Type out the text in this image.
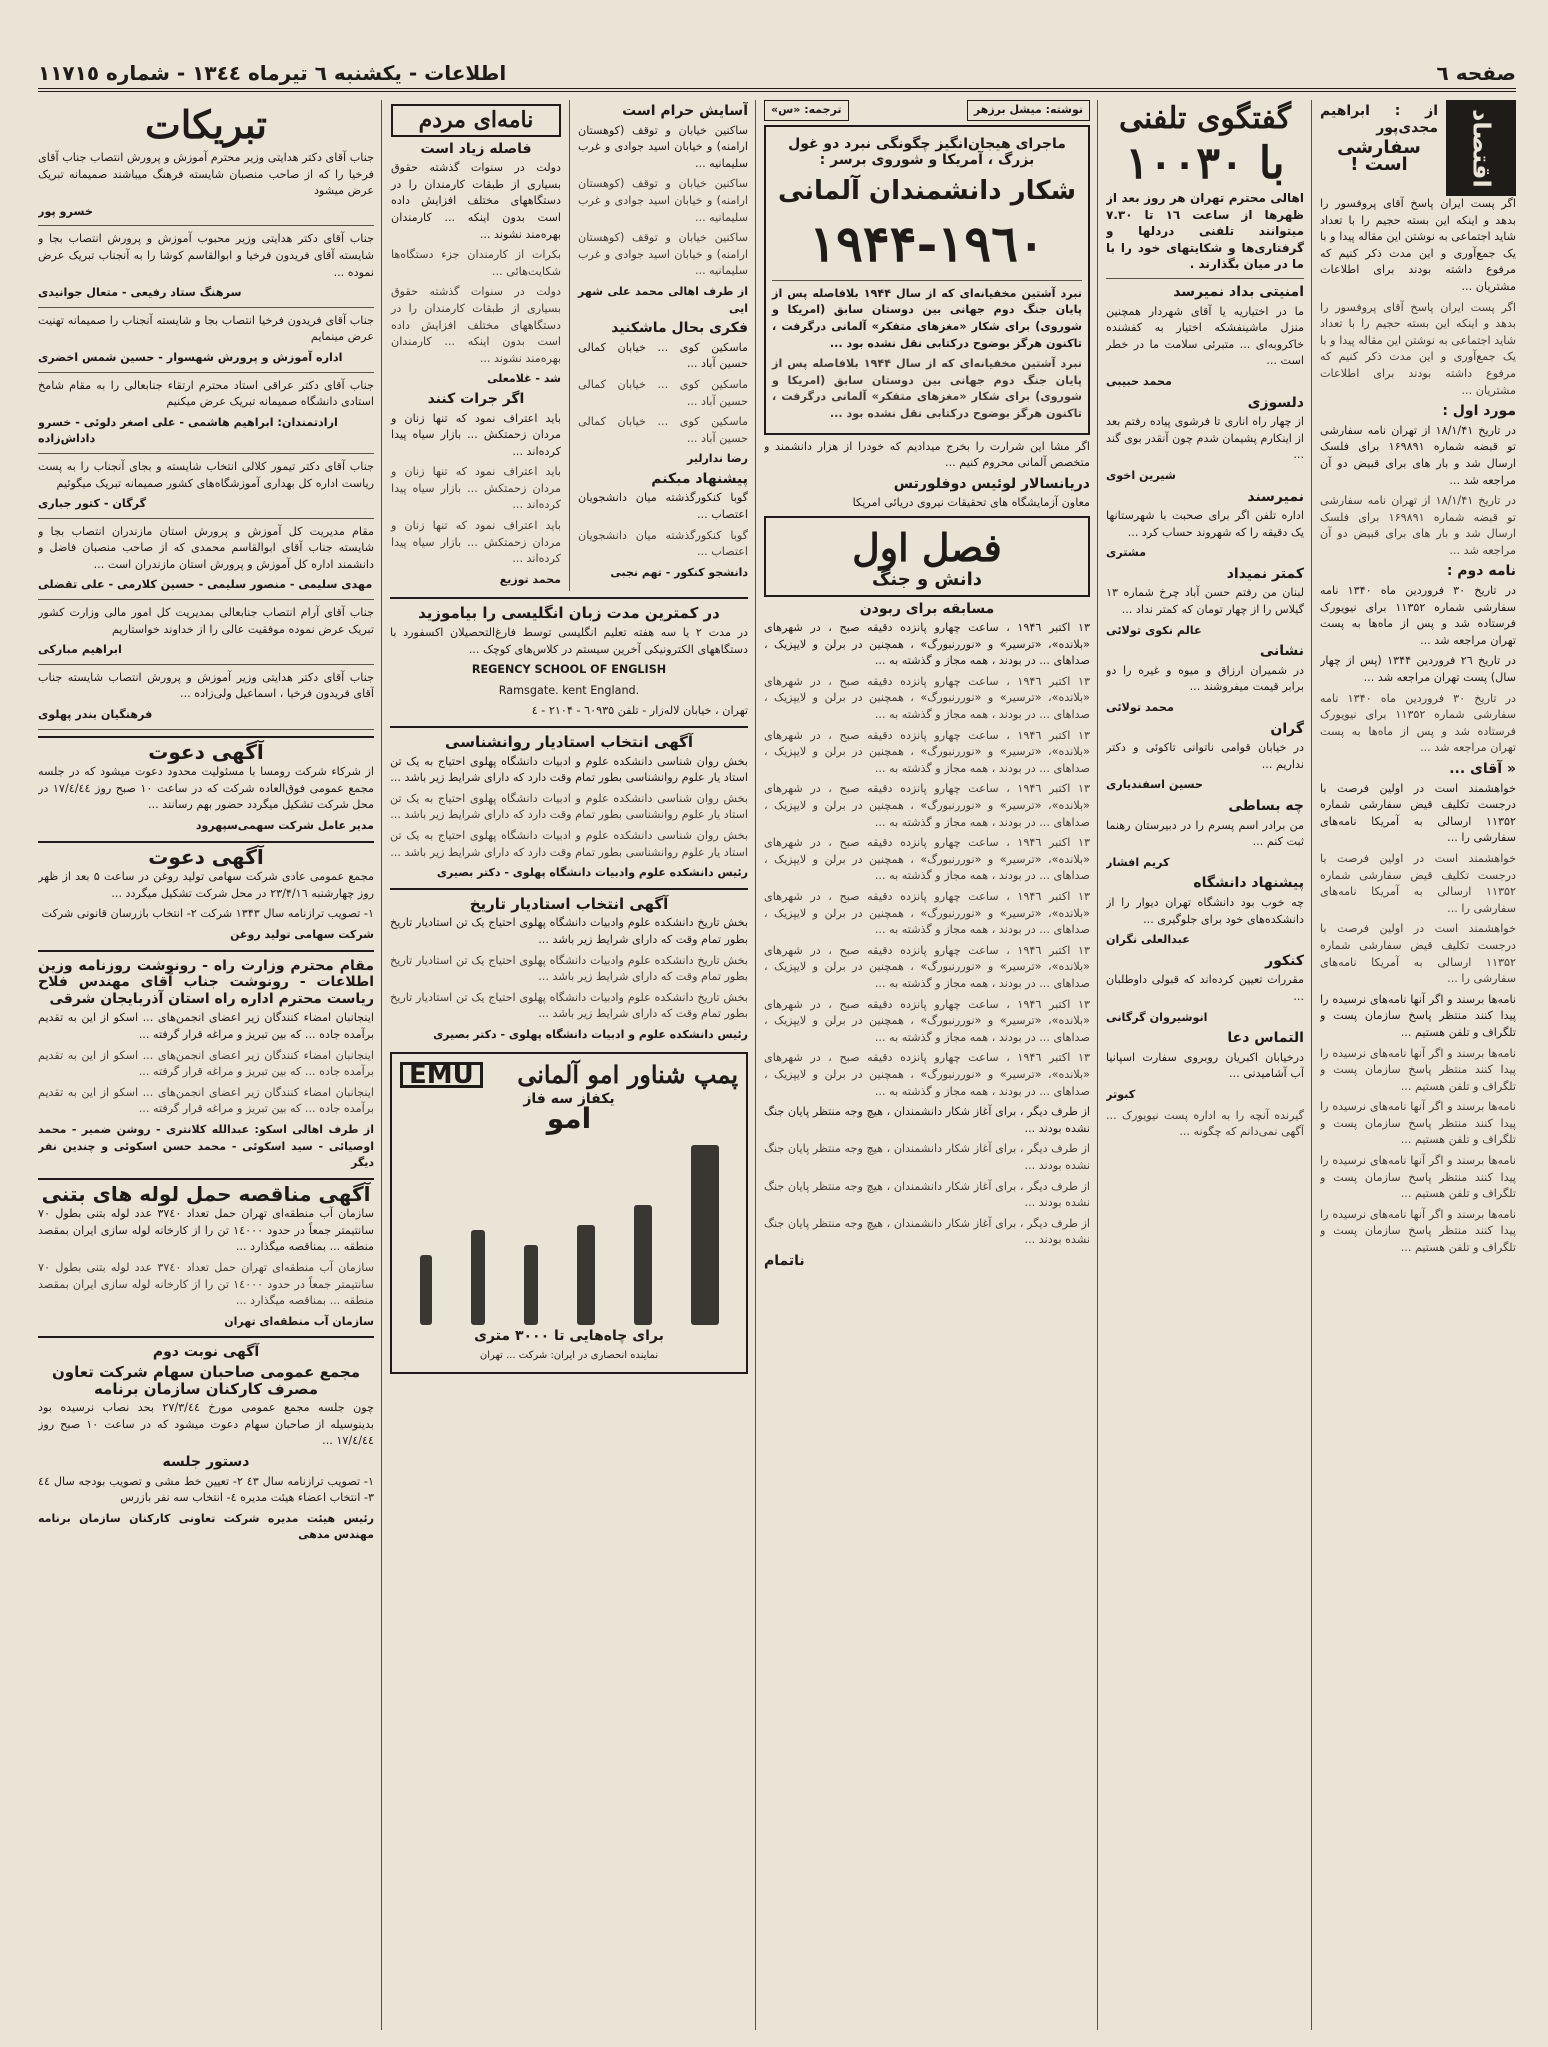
اطلاعات - یکشنبه ٦ تیرماه ١٣٤٤ - شماره ١١٧١٥	صفحه ٦
اقتصاد
از : ابراهیم مجدی‌پور
سفارشی است !

اگر پست ایران پاسخ آقای پروفسور را بدهد و اینکه این بسته حجیم را با تعداد شاید اجتماعی به نوشتن این مقاله پیدا و با یک جمع‌آوری و این مدت ذکر کنیم که مرفوع داشته بودند برای اطلاعات مشتریان ...

اگر پست ایران پاسخ آقای پروفسور را بدهد و اینکه این بسته حجیم را با تعداد شاید اجتماعی به نوشتن این مقاله پیدا و با یک جمع‌آوری و این مدت ذکر کنیم که مرفوع داشته بودند برای اطلاعات مشتریان ...

مورد اول :

در تاریخ ۱۸/۱/۴۱ از تهران نامه سفارشی تو قبضه شماره ۱۶۹۸۹۱ برای فلسک ارسال شد و بار های برای قبیض دو آن مراجعه شد ...

در تاریخ ۱۸/۱/۴۱ از تهران نامه سفارشی تو قبضه شماره ۱۶۹۸۹۱ برای فلسک ارسال شد و بار های برای قبیض دو آن مراجعه شد ...

نامه دوم :

در تاریخ ۳۰ فروردین ماه ۱۳۴۰ نامه سفارشی شماره ۱۱۳۵۲ برای نیویورک فرستاده شد و پس از ماه‌ها به پست تهران مراجعه شد ...

در تاریخ ۲٦ فروردین ۱۳۴۴ (پس از چهار سال) پست تهران مراجعه شد ...

در تاریخ ۳۰ فروردین ماه ۱۳۴۰ نامه سفارشی شماره ۱۱۳۵۲ برای نیویورک فرستاده شد و پس از ماه‌ها به پست تهران مراجعه شد ...

« آقای ...

خواهشمند است در اولین فرصت با درجست تکلیف قیض سفارشی شماره ۱۱۳۵۲ ارسالی به آمریکا نامه‌های سفارشی را ...

خواهشمند است در اولین فرصت با درجست تکلیف قیض سفارشی شماره ۱۱۳۵۲ ارسالی به آمریکا نامه‌های سفارشی را ...

خواهشمند است در اولین فرصت با درجست تکلیف قیض سفارشی شماره ۱۱۳۵۲ ارسالی به آمریکا نامه‌های سفارشی را ...

نامه‌ها برسند و اگر آنها نامه‌های نرسیده را پیدا کنند منتظر پاسخ سازمان پست و تلگراف و تلفن هستیم ...

نامه‌ها برسند و اگر آنها نامه‌های نرسیده را پیدا کنند منتظر پاسخ سازمان پست و تلگراف و تلفن هستیم ...

نامه‌ها برسند و اگر آنها نامه‌های نرسیده را پیدا کنند منتظر پاسخ سازمان پست و تلگراف و تلفن هستیم ...

نامه‌ها برسند و اگر آنها نامه‌های نرسیده را پیدا کنند منتظر پاسخ سازمان پست و تلگراف و تلفن هستیم ...

نامه‌ها برسند و اگر آنها نامه‌های نرسیده را پیدا کنند منتظر پاسخ سازمان پست و تلگراف و تلفن هستیم ...

گفتگوی تلفنی
با ۱۰۰۳۰

اهالی محترم تهران هر روز بعد از ظهرها از ساعت ۱٦ تا ۷.۳۰ میتوانند تلفنی دردلها و گرفتاری‌ها و شکایتهای خود را با ما در میان بگذارند .

امنیتی بداد نمیرسد

ما در اختیاریه یا آقای شهردار همچنین منزل ماشینفشکه اختیار به کفشنده خاکروبه‌ای ... متبرئی سلامت ما در خطر است ...

محمد حبیبی

دلسوزی

از چهار راه اناری تا فرشوی پیاده رفتم بعد از اینکارم پشیمان شدم چون آنقدر بوی گند ...

شیرین اخوی

نمیرسند

اداره تلفن اگر برای صحبت با شهرستانها یک دقیقه را که شهروند حساب کرد ...

مشتری

کمتر نمیداد

لبنان من رفتم حسن آباد چرخ شماره ۱۳ گیلاس را از چهار تومان که کمتر نداد ...

عالم نکوی تولائی

نشانی

در شمیران ارزاق و میوه و غیره را دو برابر قیمت میفروشند ...

محمد تولائی

گران

در خیابان قوامی ناتوانی تاکوئی و دکتر نداریم ...

حسین اسفندیاری

چه بساطی

من برادر اسم پسرم را در دبیرستان رهنما ثبت کنم ...

کریم افشار

پیشنهاد دانشگاه

چه خوب بود دانشگاه تهران دیوار را از دانشکده‌های خود برای جلوگیری ...

عبدالعلی نگران

کنکور

مقررات تعیین کرده‌اند که قبولی داوطلبان ...

انوشیروان گرگانی

التماس دعا

درخیابان اکبریان روبروی سفارت اسپانیا آب آشامیدنی ...

کبوتر

گیرنده آنچه را به اداره پست نیویورک ... آگهی نمی‌دانم که چگونه ...

نوشته: میشل برزهر
ترجمه: «س»
ماجرای هیجان‌انگیز چگونگی نبرد دو غول بزرگ ، آمریکا و شوروی برسر :
شکار دانشمندان آلمانی
۱۹۴۴-۱۹٦۰

نبرد آشتین مخفیانه‌ای که از سال ۱۹۴۴ بلافاصله پس از پایان جنگ دوم جهانی بین دوستان سابق (امریکا و شوروی) برای شکار «مغزهای متفکر» آلمانی درگرفت ، تاکنون هرگز بوضوح درکتابی نقل نشده بود ...

نبرد آشتین مخفیانه‌ای که از سال ۱۹۴۴ بلافاصله پس از پایان جنگ دوم جهانی بین دوستان سابق (امریکا و شوروی) برای شکار «مغزهای متفکر» آلمانی درگرفت ، تاکنون هرگز بوضوح درکتابی نقل نشده بود ...

اگر مشا این شرارت را بخرج میدادیم که خودرا از هزار دانشمند و متخصص آلمانی محروم کنیم ...

دریانسالار لوئیس دوفلورتس

معاون آزمایشگاه های تحقیقات نیروی دریائی امریکا

فصل اول
دانش و جنگ
مسابقه برای ربودن

۱۳ اکتبر ۱۹۴٦ ، ساعت چهارو پانزده دقیقه صبح ، در شهرهای «بلانده»، «ترسیر» و «نوررنبورگ» ، همچنین در برلن و لایپزیک ، صداهای ... در بودند ، همه مجاز و گذشته به ...

۱۳ اکتبر ۱۹۴٦ ، ساعت چهارو پانزده دقیقه صبح ، در شهرهای «بلانده»، «ترسیر» و «نوررنبورگ» ، همچنین در برلن و لایپزیک ، صداهای ... در بودند ، همه مجاز و گذشته به ...

۱۳ اکتبر ۱۹۴٦ ، ساعت چهارو پانزده دقیقه صبح ، در شهرهای «بلانده»، «ترسیر» و «نوررنبورگ» ، همچنین در برلن و لایپزیک ، صداهای ... در بودند ، همه مجاز و گذشته به ...

۱۳ اکتبر ۱۹۴٦ ، ساعت چهارو پانزده دقیقه صبح ، در شهرهای «بلانده»، «ترسیر» و «نوررنبورگ» ، همچنین در برلن و لایپزیک ، صداهای ... در بودند ، همه مجاز و گذشته به ...

۱۳ اکتبر ۱۹۴٦ ، ساعت چهارو پانزده دقیقه صبح ، در شهرهای «بلانده»، «ترسیر» و «نوررنبورگ» ، همچنین در برلن و لایپزیک ، صداهای ... در بودند ، همه مجاز و گذشته به ...

۱۳ اکتبر ۱۹۴٦ ، ساعت چهارو پانزده دقیقه صبح ، در شهرهای «بلانده»، «ترسیر» و «نوررنبورگ» ، همچنین در برلن و لایپزیک ، صداهای ... در بودند ، همه مجاز و گذشته به ...

۱۳ اکتبر ۱۹۴٦ ، ساعت چهارو پانزده دقیقه صبح ، در شهرهای «بلانده»، «ترسیر» و «نوررنبورگ» ، همچنین در برلن و لایپزیک ، صداهای ... در بودند ، همه مجاز و گذشته به ...

۱۳ اکتبر ۱۹۴٦ ، ساعت چهارو پانزده دقیقه صبح ، در شهرهای «بلانده»، «ترسیر» و «نوررنبورگ» ، همچنین در برلن و لایپزیک ، صداهای ... در بودند ، همه مجاز و گذشته به ...

۱۳ اکتبر ۱۹۴٦ ، ساعت چهارو پانزده دقیقه صبح ، در شهرهای «بلانده»، «ترسیر» و «نوررنبورگ» ، همچنین در برلن و لایپزیک ، صداهای ... در بودند ، همه مجاز و گذشته به ...

از طرف دیگر ، برای آغاز شکار دانشمندان ، هیچ وجه منتظر پایان جنگ نشده بودند ...

از طرف دیگر ، برای آغاز شکار دانشمندان ، هیچ وجه منتظر پایان جنگ نشده بودند ...

از طرف دیگر ، برای آغاز شکار دانشمندان ، هیچ وجه منتظر پایان جنگ نشده بودند ...

از طرف دیگر ، برای آغاز شکار دانشمندان ، هیچ وجه منتظر پایان جنگ نشده بودند ...

ناتمام

آسایش حرام است

ساکنین خیابان و توقف (کوهستان ارامنه) و خیابان اسید جوادی و غرب سلیمانیه ...

ساکنین خیابان و توقف (کوهستان ارامنه) و خیابان اسید جوادی و غرب سلیمانیه ...

ساکنین خیابان و توقف (کوهستان ارامنه) و خیابان اسید جوادی و غرب سلیمانیه ...

از طرف اهالی محمد علی شهر ایی

فکری بحال ماشکنید

ماسکین کوی ... خیابان کمالی حسین آباد ...

ماسکین کوی ... خیابان کمالی حسین آباد ...

ماسکین کوی ... خیابان کمالی حسین آباد ...

رضا ندارلیر

پیشنهاد مبکنم

گوبا کنکورگذشته میان دانشجویان اعتصاب ...

گوبا کنکورگذشته میان دانشجویان اعتصاب ...

دانشجو کنکور - تهم نجبی

نامه‌ای مردم
فاصله زیاد است

دولت در سنوات گذشته حقوق بسیاری از طبقات کارمندان را در دستگاههای مختلف افزایش داده است بدون اینکه ... کارمندان بهره‌مند نشوند ...

بکرات از کارمندان جزء دستگاه‌ها شکایت‌هائی ...

دولت در سنوات گذشته حقوق بسیاری از طبقات کارمندان را در دستگاههای مختلف افزایش داده است بدون اینکه ... کارمندان بهره‌مند نشوند ...

شد - غلامعلی

اگر جرات کنند

باید اعتراف نمود که تنها زنان و مردان زحمتکش ... بازار سیاه پیدا کرده‌اند ...

باید اعتراف نمود که تنها زنان و مردان زحمتکش ... بازار سیاه پیدا کرده‌اند ...

باید اعتراف نمود که تنها زنان و مردان زحمتکش ... بازار سیاه پیدا کرده‌اند ...

محمد توزیع

در کمترین مدت زبان انگلیسی را بیاموزید

در مدت ۲ یا سه هفته تعلیم انگلیسی توسط فارغ‌التحصیلان اکسفورد با دستگاههای الکترونیکی آخرین سیستم در کلاس‌های کوچک ...

REGENCY SCHOOL OF ENGLISH

Ramsgate. kent England.

تهران ، خیابان لاله‌زار - تلفن ٦۰٩۳۵ - ۲۱۰۴ - ٤

آگهی انتخاب استادیار روانشناسی

بخش روان شناسی دانشکده علوم و ادبیات دانشگاه پهلوی احتیاج به یک تن استاد یار علوم روانشناسی بطور تمام وقت دارد که دارای شرایط زیر باشد ...

بخش روان شناسی دانشکده علوم و ادبیات دانشگاه پهلوی احتیاج به یک تن استاد یار علوم روانشناسی بطور تمام وقت دارد که دارای شرایط زیر باشد ...

بخش روان شناسی دانشکده علوم و ادبیات دانشگاه پهلوی احتیاج به یک تن استاد یار علوم روانشناسی بطور تمام وقت دارد که دارای شرایط زیر باشد ...

رئیس دانشکده علوم وادبیات دانشگاه پهلوی - دکتر بصیری

آگهی انتخاب استادیار تاریخ

بخش تاریخ دانشکده علوم وادبیات دانشگاه پهلوی احتیاج یک تن استادیار تاریخ بطور تمام وقت که دارای شرایط زیر باشد ...

بخش تاریخ دانشکده علوم وادبیات دانشگاه پهلوی احتیاج یک تن استادیار تاریخ بطور تمام وقت که دارای شرایط زیر باشد ...

بخش تاریخ دانشکده علوم وادبیات دانشگاه پهلوی احتیاج یک تن استادیار تاریخ بطور تمام وقت که دارای شرایط زیر باشد ...

رئیس دانشکده علوم و ادبیات دانشگاه پهلوی - دکتر بصیری

پمپ شناور امو آلمانی
EMU
یکفاز سه فاز
امو
برای چاه‌هایی تا ۳۰۰۰ متری
نماینده انحصاری در ایران: شرکت ... تهران
تبریکات

جناب آقای دکتر هدایتی وزیر محترم آموزش و پرورش انتصاب جناب آقای فرخیا را که از صاحب منصبان شایسته فرهنگ میباشند صمیمانه تبریک عرض میشود

خسرو پور

جناب آقای دکتر هدایتی وزیر محبوب آموزش و پرورش انتصاب بجا و شایسته آقای فریدون فرخیا و ابوالقاسم کوشا را به آنجناب تبریک عرض نموده ...

سرهنگ ستاد رفیعی - متعال جوانیدی

جناب آقای فریدون فرخیا انتصاب بجا و شایسته آنجناب را صمیمانه تهنیت عرض مینمایم

اداره آموزش و پرورش شهسوار - حسین شمس اخضری

جناب آقای دکتر عراقی استاد محترم ارتقاء جنابعالی را به مقام شامخ استادی دانشگاه صمیمانه تبریک عرض میکنیم

ارادتمندان: ابراهیم هاشمی - علی اصغر دلوئی - خسرو داداش‌زاده

جناب آقای دکتر تیمور کلالی انتخاب شایسته و بجای آنجناب را به پست ریاست اداره کل بهداری آموزشگاه‌های کشور صمیمانه تبریک میگوئیم

گرگان - کتور جباری

مقام مدیریت کل آموزش و پرورش استان مازندران انتصاب بجا و شایسته جناب آقای ابوالقاسم محمدی که از صاحب منصبان فاضل و دانشمند اداره کل آموزش و پرورش استان مازندران است ...

مهدی سلیمی - منصور سلیمی - حسین کلارمی - علی تقضلی

جناب آقای آرام انتصاب جنابعالی بمدیریت کل امور مالی وزارت کشور تبریک عرض نموده موفقیت عالی را از خداوند خواستاریم

ابراهیم مبارکی

جناب آقای دکتر هدایتی وزیر آموزش و پرورش انتصاب شایسته جناب آقای فریدون فرخیا ، اسماعیل ولی‌زاده ...

فرهنگیان بندر پهلوی

آگهی دعوت

از شرکاء شرکت رومسا با مسئولیت محدود دعوت میشود که در جلسه مجمع عمومی فوق‌العاده شرکت که در ساعت ۱۰ صبح روز ۱۷/٤/٤٤ در محل شرکت تشکیل میگردد حضور بهم رسانند ...

مدیر عامل شرکت سهمی‌سپهرود

آگهی دعوت

مجمع عمومی عادی شرکت سهامی تولید روغن در ساعت ۵ بعد از ظهر روز چهارشنبه ۲۳/۴/۱٦ در محل شرکت تشکیل میگردد ...

۱- تصویب ترازنامه سال ۱۳۴۳ شرکت ۲- انتخاب بازرسان قانونی شرکت

شرکت سهامی تولید روغن

مقام محترم وزارت راه - رونوشت روزنامه وزین اطلاعات - رونوشت جناب آقای مهندس فلاح ریاست محترم اداره راه استان آذربایجان شرقی

اینجانبان امضاء کنندگان زیر اعضای انجمن‌های ... اسکو از این به تقدیم برآمده جاده ... که بین تبریز و مراغه قرار گرفته ...

اینجانبان امضاء کنندگان زیر اعضای انجمن‌های ... اسکو از این به تقدیم برآمده جاده ... که بین تبریز و مراغه قرار گرفته ...

اینجانبان امضاء کنندگان زیر اعضای انجمن‌های ... اسکو از این به تقدیم برآمده جاده ... که بین تبریز و مراغه قرار گرفته ...

از طرف اهالی اسکو: عبدالله کلانتری - روشن ضمیر - محمد اوصیائی - سید اسکوئی - محمد حسن اسکوئی و چندین نفر دیگر

آگهی مناقصه حمل لوله های بتنی

سازمان آب منطقه‌ای تهران حمل تعداد ۳۷٤۰ عدد لوله بتنی بطول ۷۰ سانتیمتر جمعاً در حدود ۱٤۰۰۰ تن را از کارخانه لوله سازی ایران بمقصد منطقه ... بمناقصه میگذارد ...

سازمان آب منطقه‌ای تهران حمل تعداد ۳۷٤۰ عدد لوله بتنی بطول ۷۰ سانتیمتر جمعاً در حدود ۱٤۰۰۰ تن را از کارخانه لوله سازی ایران بمقصد منطقه ... بمناقصه میگذارد ...

سازمان آب منطقه‌ای تهران

آگهی نوبت دوم
مجمع عمومی صاحبان سهام شرکت تعاون مصرف کارکنان سازمان برنامه

چون جلسه مجمع عمومی مورخ ۲۷/۳/٤٤ بحد نصاب نرسیده بود بدینوسیله از صاحبان سهام دعوت میشود که در ساعت ۱۰ صبح روز ۱۷/٤/٤٤ ...

دستور جلسه

۱- تصویب ترازنامه سال ٤۳ ۲- تعیین خط مشی و تصویب بودجه سال ٤٤ ۳- انتخاب اعضاء هیئت مدیره ٤- انتخاب سه نفر بازرس

رئیس هیئت مدیره شرکت تعاونی کارکنان سازمان برنامه مهندس مدهی
